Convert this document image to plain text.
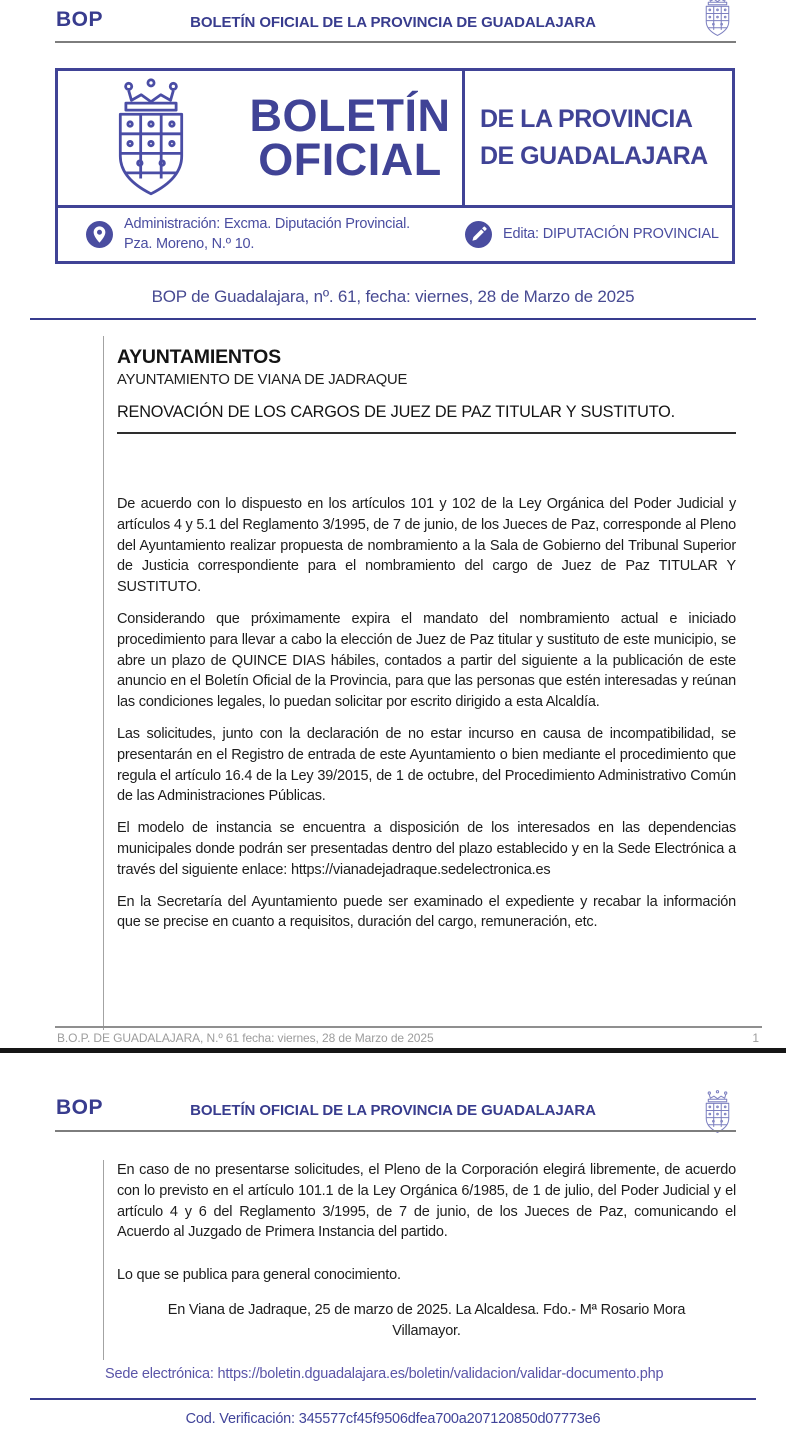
BOP	BOLETÍN OFICIAL DE LA PROVINCIA DE GUADALAJARA
BOLETÍN
OFICIAL
DE LA PROVINCIA
DE GUADALAJARA
Administración: Excma. Diputación Provincial.
Pza. Moreno, N.º 10.
Edita: DIPUTACIÓN PROVINCIAL
BOP de Guadalajara, nº. 61, fecha: viernes, 28 de Marzo de 2025
AYUNTAMIENTOS
AYUNTAMIENTO DE VIANA DE JADRAQUE
RENOVACIÓN DE LOS CARGOS DE JUEZ DE PAZ TITULAR Y SUSTITUTO.

De acuerdo con lo dispuesto en los artículos 101 y 102 de la Ley Orgánica del Poder Judicial y artículos 4 y 5.1 del Reglamento 3/1995, de 7 de junio, de los Jueces de Paz, corresponde al Pleno del Ayuntamiento realizar propuesta de nombramiento a la Sala de Gobierno del Tribunal Superior de Justicia correspondiente para el nombramiento del cargo de Juez de Paz TITULAR Y SUSTITUTO.

Considerando que próximamente expira el mandato del nombramiento actual e iniciado procedimiento para llevar a cabo la elección de Juez de Paz titular y sustituto de este municipio, se abre un plazo de QUINCE DIAS hábiles, contados a partir del siguiente a la publicación de este anuncio en el Boletín Oficial de la Provincia, para que las personas que estén interesadas y reúnan las condiciones legales, lo puedan solicitar por escrito dirigido a esta Alcaldía.

Las solicitudes, junto con la declaración de no estar incurso en causa de incompatibilidad, se presentarán en el Registro de entrada de este Ayuntamiento o bien mediante el procedimiento que regula el artículo 16.4 de la Ley 39/2015, de 1 de octubre, del Procedimiento Administrativo Común de las Administraciones Públicas.

El modelo de instancia se encuentra a disposición de los interesados en las dependencias municipales donde podrán ser presentadas dentro del plazo establecido y en la Sede Electrónica a través del siguiente enlace: https://vianadejadraque.sedelectronica.es

En la Secretaría del Ayuntamiento puede ser examinado el expediente y recabar la información que se precise en cuanto a requisitos, duración del cargo, remuneración, etc.

B.O.P. DE GUADALAJARA, N.º 61 fecha: viernes, 28 de Marzo de 2025	1
BOP	BOLETÍN OFICIAL DE LA PROVINCIA DE GUADALAJARA

En caso de no presentarse solicitudes, el Pleno de la Corporación elegirá libremente, de acuerdo con lo previsto en el artículo 101.1 de la Ley Orgánica 6/1985, de 1 de julio, del Poder Judicial y el artículo 4 y 6 del Reglamento 3/1995, de 7 de junio, de los Jueces de Paz, comunicando el Acuerdo al Juzgado de Primera Instancia del partido.

Lo que se publica para general conocimiento.

En Viana de Jadraque, 25 de marzo de 2025. La Alcaldesa. Fdo.- Mª Rosario Mora Villamayor.
Sede electrónica: https://boletin.dguadalajara.es/boletin/validacion/validar-documento.php
Cod. Verificación: 345577cf45f9506dfea700a207120850d07773e6
